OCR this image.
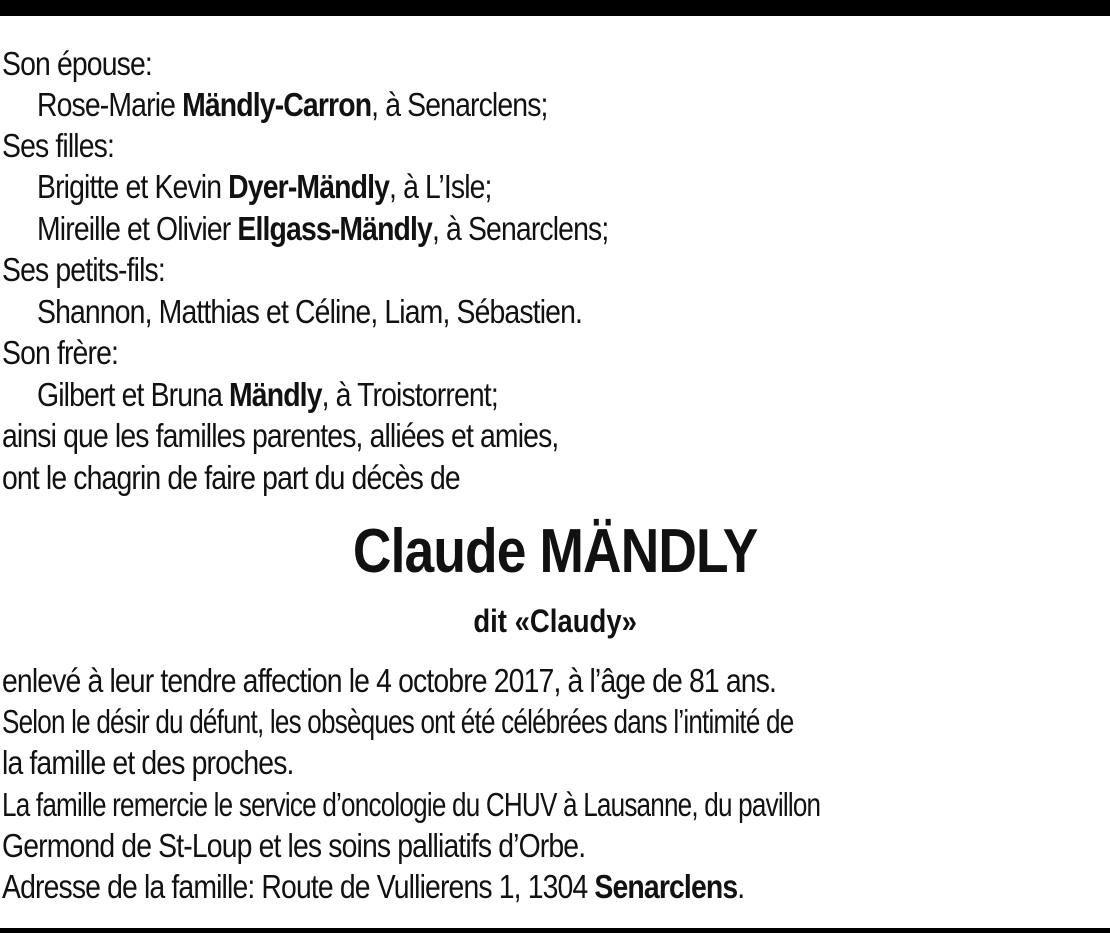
Son épouse:
Rose-Marie Mändly-Carron, à Senarclens;
Ses filles:
Brigitte et Kevin Dyer-Mändly, à L’Isle;
Mireille et Olivier Ellgass-Mändly, à Senarclens;
Ses petits-fils:
Shannon, Matthias et Céline, Liam, Sébastien.
Son frère:
Gilbert et Bruna Mändly, à Troistorrent;
ainsi que les familles parentes, alliées et amies,
ont le chagrin de faire part du décès de
Claude MÄNDLY
dit «Claudy»
enlevé à leur tendre affection le 4 octobre 2017, à l’âge de 81 ans.
Selon le désir du défunt, les obsèques ont été célébrées dans l’intimité de
la famille et des proches.
La famille remercie le service d’oncologie du CHUV à Lausanne, du pavillon
Germond de St-Loup et les soins palliatifs d’Orbe.
Adresse de la famille: Route de Vullierens 1, 1304 Senarclens.
